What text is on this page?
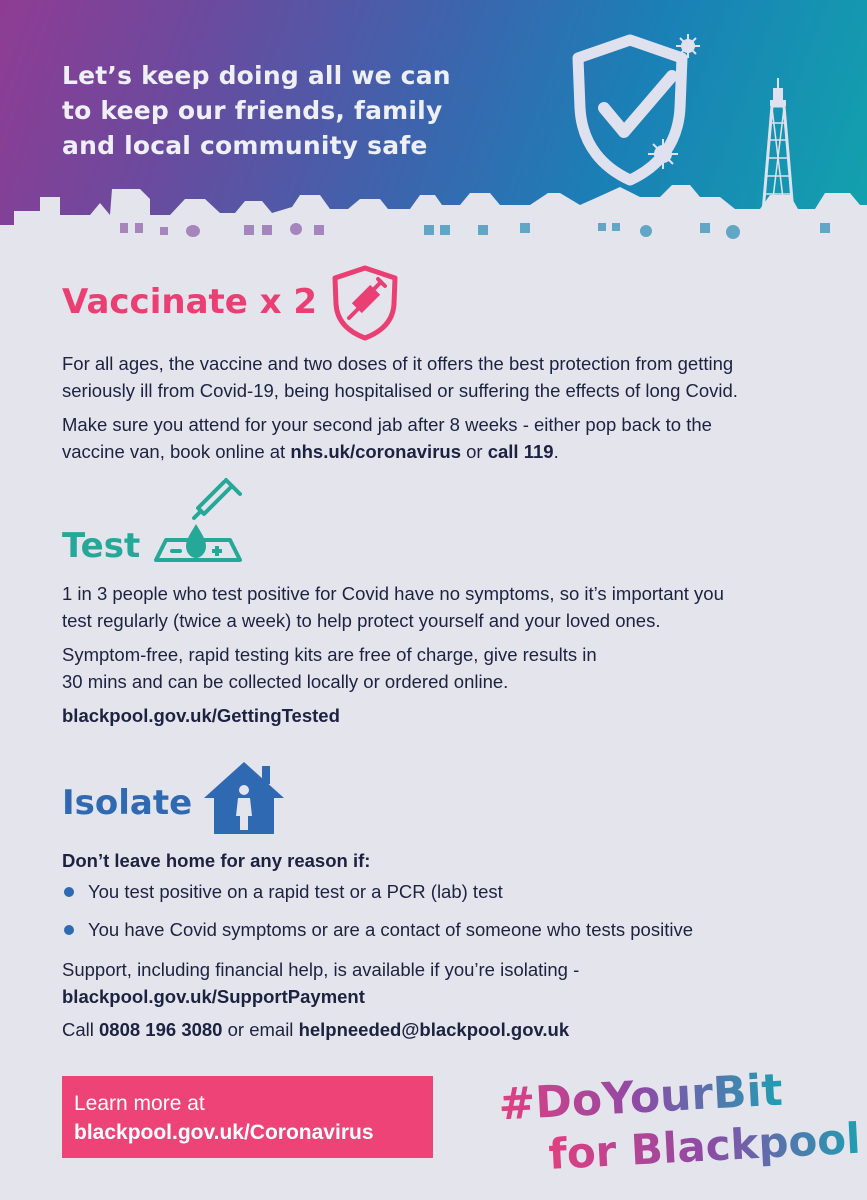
Let’s keep doing all we can
to keep our friends, family
and local community safe
Vaccinate x 2
For all ages, the vaccine and two doses of it offers the best protection from getting
seriously ill from Covid-19, being hospitalised or suffering the effects of long Covid.
Make sure you attend for your second jab after 8 weeks - either pop back to the
vaccine van, book online at nhs.uk/coronavirus or call 119.
Test
1 in 3 people who test positive for Covid have no symptoms, so it’s important you
test regularly (twice a week) to help protect yourself and your loved ones.
Symptom-free, rapid testing kits are free of charge, give results in
30 mins and can be collected locally or ordered online.
blackpool.gov.uk/GettingTested
Isolate
Don’t leave home for any reason if:
You test positive on a rapid test or a PCR (lab) test
You have Covid symptoms or are a contact of someone who tests positive
Support, including financial help, is available if you’re isolating -
blackpool.gov.uk/SupportPayment
Call 0808 196 3080 or email helpneeded@blackpool.gov.uk
Learn more at
blackpool.gov.uk/Coronavirus
#DoYourBit
for Blackpool
